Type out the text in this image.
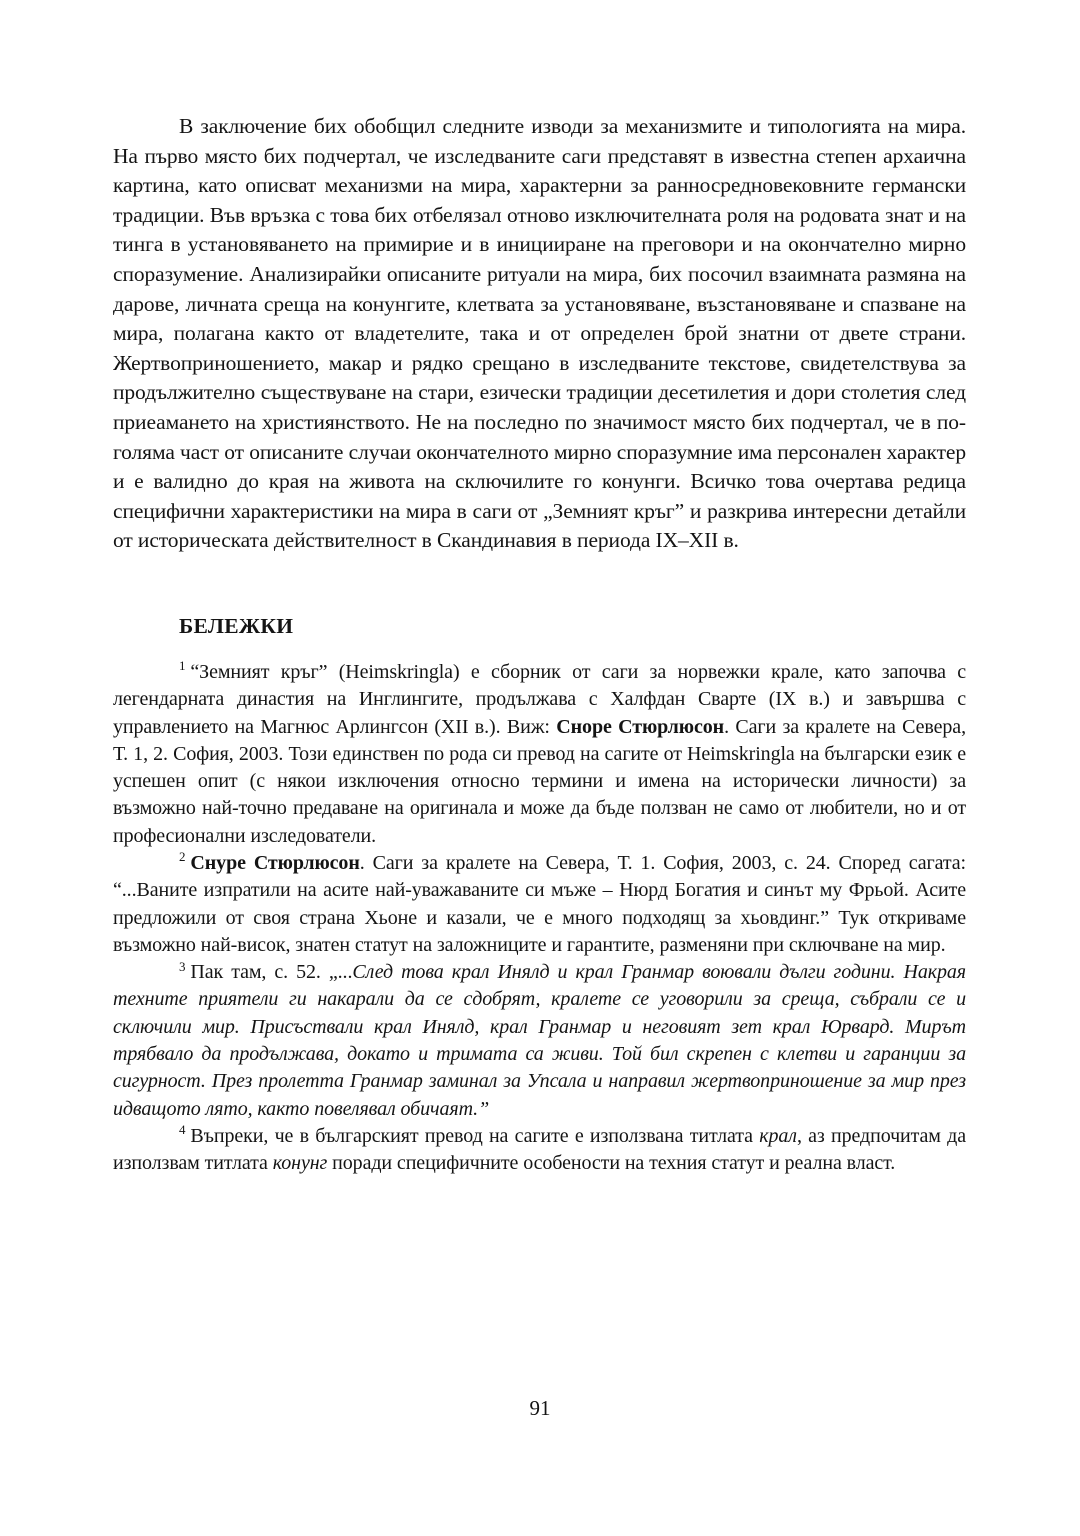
В заключение бих обобщил следните изводи за механизмите и типологията на мира. На първо място бих подчертал, че изследваните саги представят в известна степен архаична картина, като описват механизми на мира, характерни за ранносредновековните германски традиции. Във връзка с това бих отбелязал отново изключителната роля на родовата знат и на тинга в установяването на примирие и в иницииране на преговори и на окончателно мирно споразумение. Анализирайки описаните ритуали на мира, бих посочил взаимната размяна на дарове, личната среща на конунгите, клетвата за установяване, възстановяване и спазване на мира, полагана както от владетелите, така и от определен брой знатни от двете страни. Жертвоприношението, макар и рядко срещано в изследваните текстове, свидетелствува за продължително съществуване на стари, езически традиции десетилетия и дори столетия след приеамането на християнството. Не на последно по значимост място бих подчертал, че в по-голяма част от описаните случаи окончателното мирно споразумние има персонален характер и е валидно до края на живота на сключилите го конунги. Всичко това очертава редица специфични характеристики на мира в саги от „Земният кръг” и разкрива интересни детайли от историческата действителност в Скандинавия в периода IX–XII в.

БЕЛЕЖКИ

$^1$ “Земният кръг” (Heimskringla) е сборник от саги за норвежки крале, като започва с легендарната династия на Инглингите, продължава с Халфдан Сварте (IX в.) и завършва с управлението на Магнюс Арлингсон (XII в.). Виж: Сноре Стюрлюсон. Саги за кралете на Севера, Т. 1, 2. София, 2003. Този единствен по рода си превод на сагите от Heimskringla на български език е успешен опит (с някои изключения относно термини и имена на исторически личности) за възможно най-точно предаване на оригинала и може да бъде ползван не само от любители, но и от професионални изследователи.

$^2$ Снуре Стюрлюсон. Саги за кралете на Севера, Т. 1. София, 2003, с. 24. Според сагата: “...Ваните изпратили на асите най-уважаваните си мъже – Нюрд Богатия и синът му Фрьой. Асите предложили от своя страна Хьоне и казали, че е много подходящ за хьовдинг.” Тук откриваме възможно най-висок, знатен статут на заложниците и гарантите, разменяни при сключване на мир.

$^3$ Пак там, с. 52. „...След това крал Инялд и крал Гранмар воювали дълги години. Накрая техните приятели ги накарали да се сдобрят, кралете се уговорили за среща, събрали се и сключили мир. Присъствали крал Инялд, крал Гранмар и неговият зет крал Юрвард. Мирът трябвало да продължава, докато и тримата са живи. Той бил скрепен с клетви и гаранции за сигурност. През пролетта Гранмар заминал за Упсала и направил жертвоприношение за мир през идващото лято, както повелявал обичаят.”

$^4$ Въпреки, че в българският превод на сагите е използвана титлата крал, аз предпочитам да използвам титлата конунг поради специфичните особености на техния статут и реална власт.

91
